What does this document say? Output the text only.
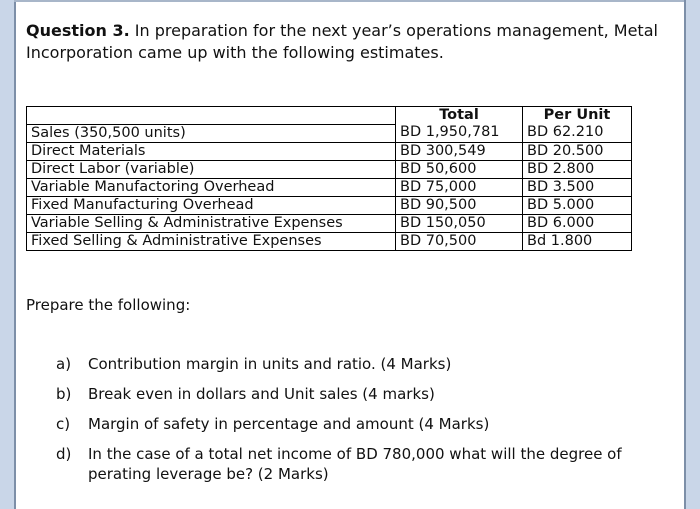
Question 3. In preparation for the next year’s operations management, Metal Incorporation came up with the following estimates.
	Total	Per Unit
Sales (350,500 units)	BD 1,950,781	BD 62.210
Direct Materials	BD 300,549	BD 20.500
Direct Labor (variable)	BD 50,600	BD 2.800
Variable Manufactoring Overhead	BD 75,000	BD 3.500
Fixed Manufacturing Overhead	BD 90,500	BD 5.000
Variable Selling & Administrative Expenses	BD 150,050	BD 6.000
Fixed Selling & Administrative Expenses	BD 70,500	Bd 1.800
Prepare the following:
a)	Contribution margin in units and ratio. (4 Marks)
b)	Break even in dollars and Unit sales (4 marks)
c)	Margin of safety in percentage and amount (4 Marks)
d)	In the case of a total net income of BD 780,000 what will the degree of perating leverage be? (2 Marks)
